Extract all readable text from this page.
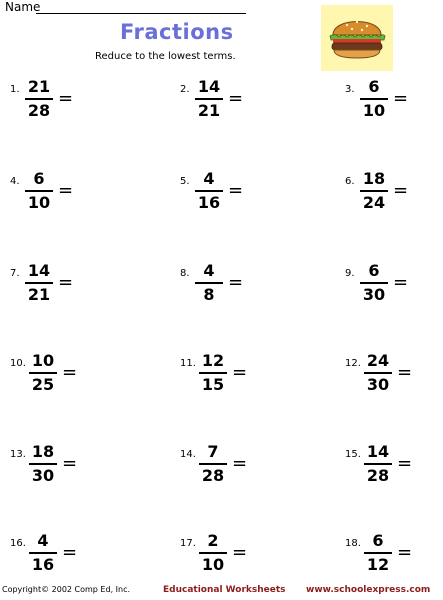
Name
Fractions
Reduce to the lowest terms.
1. 21
28
=	2. 14
21
=	3. 6
10
=
4. 6
10
=	5. 4
16
=	6. 18
24
=
7. 14
21
=	8. 4
8
=	9. 6
30
=
10. 10
25
=	11. 12
15
=	12. 24
30
=
13. 18
30
=	14. 7
28
=	15. 14
28
=
16. 4
16
=	17. 2
10
=	18. 6
12
=
Copyright© 2002 Comp Ed, Inc.	Educational Worksheets www.schoolexpress.com
